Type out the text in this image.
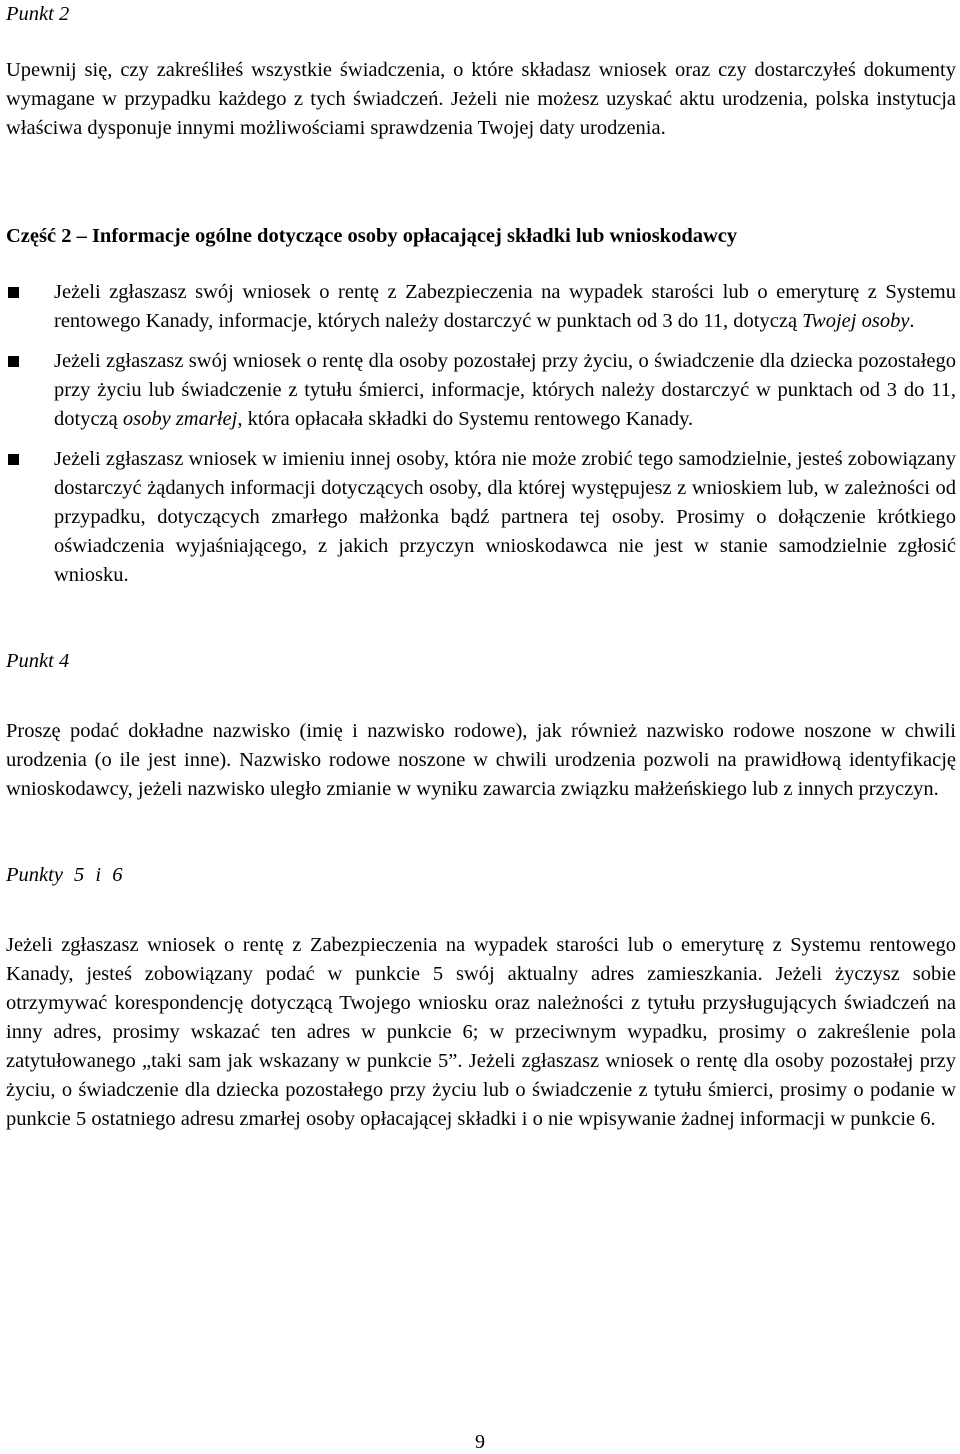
Punkt 2

Upewnij się, czy zakreśliłeś wszystkie świadczenia, o które składasz wniosek oraz czy dostarczyłeś dokumenty wymagane w przypadku każdego z tych świadczeń. Jeżeli nie możesz uzyskać aktu urodzenia, polska instytucja właściwa dysponuje innymi możliwościami sprawdzenia Twojej daty urodzenia.

Część 2 – Informacje ogólne dotyczące osoby opłacającej składki lub wnioskodawcy

Jeżeli zgłaszasz swój wniosek o rentę z Zabezpieczenia na wypadek starości lub o emeryturę z Systemu rentowego Kanady, informacje, których należy dostarczyć w punktach od 3 do 11, dotyczą Twojej osoby.

Jeżeli zgłaszasz swój wniosek o rentę dla osoby pozostałej przy życiu, o świadczenie dla dziecka pozostałego przy życiu lub świadczenie z tytułu śmierci, informacje, których należy dostarczyć w punktach od 3 do 11, dotyczą osoby zmarłej, która opłacała składki do Systemu rentowego Kanady.

Jeżeli zgłaszasz wniosek w imieniu innej osoby, która nie może zrobić tego samodzielnie, jesteś zobowiązany dostarczyć żądanych informacji dotyczących osoby, dla której występujesz z wnioskiem lub, w zależności od przypadku, dotyczących zmarłego małżonka bądź partnera tej osoby. Prosimy o dołączenie krótkiego oświadczenia wyjaśniającego, z jakich przyczyn wnioskodawca nie jest w stanie samodzielnie zgłosić wniosku.

Punkt 4

Proszę podać dokładne nazwisko (imię i nazwisko rodowe), jak również nazwisko rodowe noszone w chwili urodzenia (o ile jest inne). Nazwisko rodowe noszone w chwili urodzenia pozwoli na prawidłową identyfikację wnioskodawcy, jeżeli nazwisko uległo zmianie w wyniku zawarcia związku małżeńskiego lub z innych przyczyn.

Punkty 5 i 6

Jeżeli zgłaszasz wniosek o rentę z Zabezpieczenia na wypadek starości lub o emeryturę z Systemu rentowego Kanady, jesteś zobowiązany podać w punkcie 5 swój aktualny adres zamieszkania. Jeżeli życzysz sobie otrzymywać korespondencję dotyczącą Twojego wniosku oraz należności z tytułu przysługujących świadczeń na inny adres, prosimy wskazać ten adres w punkcie 6; w przeciwnym wypadku, prosimy o zakreślenie pola zatytułowanego „taki sam jak wskazany w punkcie 5”. Jeżeli zgłaszasz wniosek o rentę dla osoby pozostałej przy życiu, o świadczenie dla dziecka pozostałego przy życiu lub o świadczenie z tytułu śmierci, prosimy o podanie w punkcie 5 ostatniego adresu zmarłej osoby opłacającej składki i o nie wpisywanie żadnej informacji w punkcie 6.

9
